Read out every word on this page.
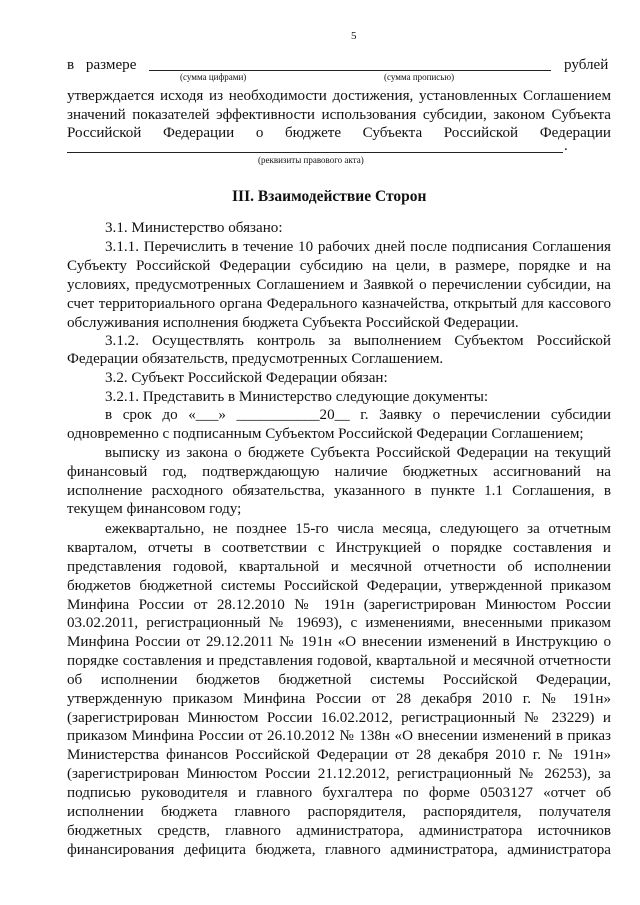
5
в размере	рублей
(сумма цифрами)	(сумма прописью)
утверждается исходя из необходимости достижения, установленных Соглашением
значений показателей эффективности использования субсидии, законом Субъекта
Российской Федерации о бюджете Субъекта Российской Федерации
.
(реквизиты правового акта)
III. Взаимодействие Сторон
3.1. Министерство обязано:
3.1.1. Перечислить в течение 10 рабочих дней после подписания Соглашения
Субъекту Российской Федерации субсидию на цели, в размере, порядке и на
условиях, предусмотренных Соглашением и Заявкой о перечислении субсидии, на
счет территориального органа Федерального казначейства, открытый для кассового
обслуживания исполнения бюджета Субъекта Российской Федерации.
3.1.2. Осуществлять контроль за выполнением Субъектом Российской
Федерации обязательств, предусмотренных Соглашением.
3.2. Субъект Российской Федерации обязан:
3.2.1. Представить в Министерство следующие документы:
в срок до «___» ___________20__ г. Заявку о перечислении субсидии
одновременно с подписанным Субъектом Российской Федерации Соглашением;
выписку из закона о бюджете Субъекта Российской Федерации на текущий
финансовый год, подтверждающую наличие бюджетных ассигнований на
исполнение расходного обязательства, указанного в пункте 1.1 Соглашения, в
текущем финансовом году;
ежеквартально, не позднее 15-го числа месяца, следующего за отчетным
кварталом, отчеты в соответствии с Инструкцией о порядке составления и
представления годовой, квартальной и месячной отчетности об исполнении
бюджетов бюджетной системы Российской Федерации, утвержденной приказом
Минфина России от 28.12.2010 № 191н (зарегистрирован Минюстом России
03.02.2011, регистрационный № 19693), с изменениями, внесенными приказом
Минфина России от 29.12.2011 № 191н «О внесении изменений в Инструкцию о
порядке составления и представления годовой, квартальной и месячной отчетности
об исполнении бюджетов бюджетной системы Российской Федерации,
утвержденную приказом Минфина России от 28 декабря 2010 г. № 191н»
(зарегистрирован Минюстом России 16.02.2012, регистрационный № 23229) и
приказом Минфина России от 26.10.2012 № 138н «О внесении изменений в приказ
Министерства финансов Российской Федерации от 28 декабря 2010 г. № 191н»
(зарегистрирован Минюстом России 21.12.2012, регистрационный № 26253), за
подписью руководителя и главного бухгалтера по форме 0503127 «отчет об
исполнении бюджета главного распорядителя, распорядителя, получателя
бюджетных средств, главного администратора, администратора источников
финансирования дефицита бюджета, главного администратора, администратора
